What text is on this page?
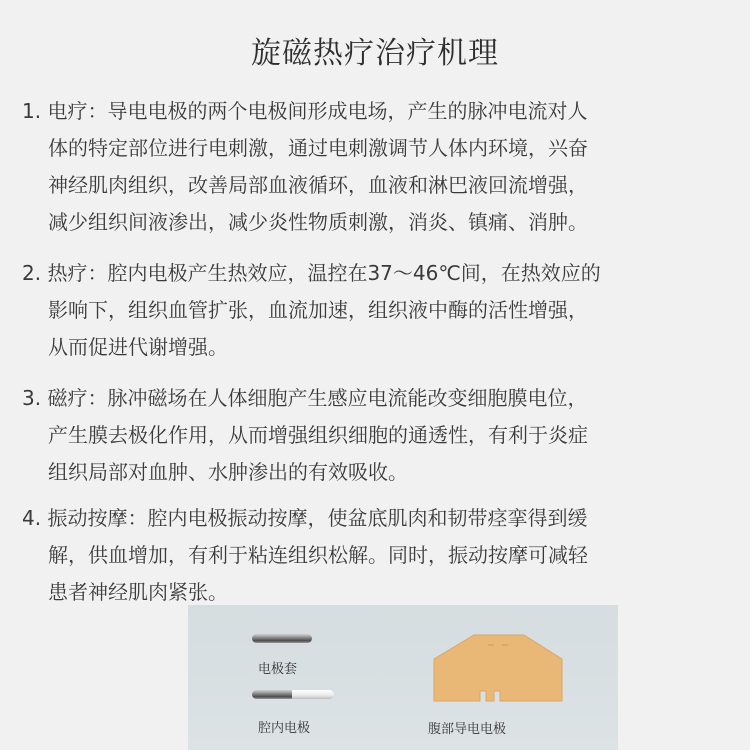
旋磁热疗治疗机理
1. 电疗：导电电极的两个电极间形成电场，产生的脉冲电流对人
体的特定部位进行电刺激，通过电刺激调节人体内环境，兴奋
神经肌肉组织，改善局部血液循环，血液和淋巴液回流增强，
减少组织间液渗出，减少炎性物质刺激，消炎、镇痛、消肿。
2. 热疗：腔内电极产生热效应，温控在37～46℃间，在热效应的
影响下，组织血管扩张，血流加速，组织液中酶的活性增强，
从而促进代谢增强。
3. 磁疗：脉冲磁场在人体细胞产生感应电流能改变细胞膜电位，
产生膜去极化作用，从而增强组织细胞的通透性，有利于炎症
组织局部对血肿、水肿渗出的有效吸收。
4. 振动按摩：腔内电极振动按摩，使盆底肌肉和韧带痉挛得到缓
解，供血增加，有利于粘连组织松解。同时，振动按摩可减轻
患者神经肌肉紧张。
电极套
腔内电极	腹部导电电极
